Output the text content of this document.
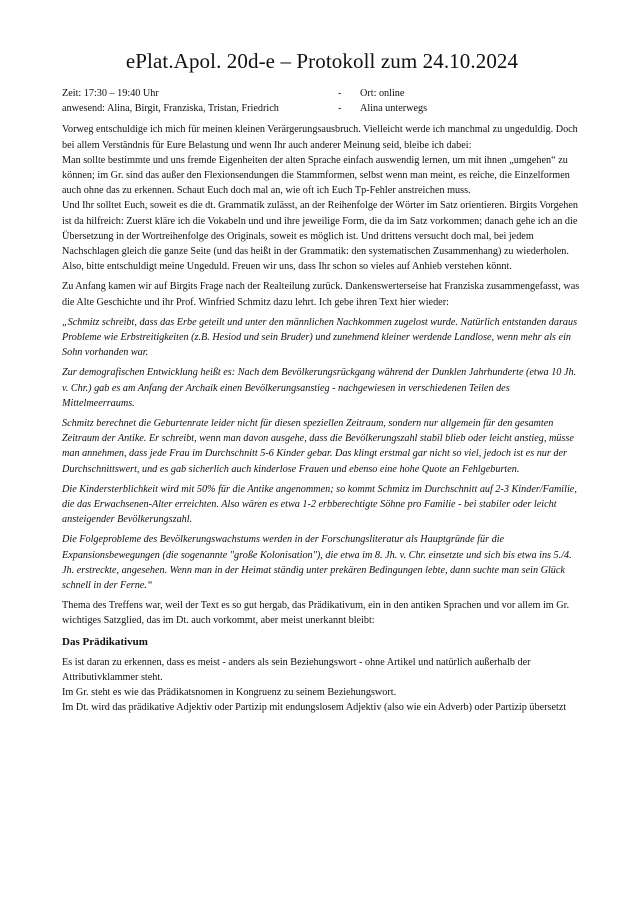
ePlat.Apol. 20d-e – Protokoll zum 24.10.2024
Zeit: 17:30 – 19:40 Uhr
anwesend: Alina, Birgit, Franziska, Tristan, Friedrich
-
-
Ort: online
Alina unterwegs

Vorweg entschuldige ich mich für meinen kleinen Verärgerungsausbruch. Vielleicht werde ich manchmal zu ungeduldig. Doch bei allem Verständnis für Eure Belastung und wenn Ihr auch anderer Meinung seid, bleibe ich dabei:

Man sollte bestimmte und uns fremde Eigenheiten der alten Sprache einfach auswendig lernen, um mit ihnen „umgehen“ zu können; im Gr. sind das außer den Flexionsendungen die Stammformen, selbst wenn man meint, es reiche, die Einzelformen auch ohne das zu erkennen. Schaut Euch doch mal an, wie oft ich Euch Tp-Fehler anstreichen muss.

Und Ihr solltet Euch, soweit es die dt. Grammatik zulässt, an der Reihenfolge der Wörter im Satz orientieren. Birgits Vorgehen ist da hilfreich: Zuerst kläre ich die Vokabeln und und ihre jeweilige Form, die da im Satz vorkommen; danach gehe ich an die Übersetzung in der Wortreihenfolge des Originals, soweit es möglich ist. Und drittens versucht doch mal, bei jedem Nachschlagen gleich die ganze Seite (und das heißt in der Grammatik: den systematischen Zusammenhang) zu wiederholen.

Also, bitte entschuldigt meine Ungeduld. Freuen wir uns, dass Ihr schon so vieles auf Anhieb verstehen könnt.

Zu Anfang kamen wir auf Birgits Frage nach der Realteilung zurück. Dankenswerterseise hat Franziska zusammengefasst, was die Alte Geschichte und ihr Prof. Winfried Schmitz dazu lehrt. Ich gebe ihren Text hier wieder:

„Schmitz schreibt, dass das Erbe geteilt und unter den männlichen Nachkommen zugelost wurde. Natürlich entstanden daraus Probleme wie Erbstreitigkeiten (z.B. Hesiod und sein Bruder) und zunehmend kleiner werdende Landlose, wenn mehr als ein Sohn vorhanden war.

Zur demografischen Entwicklung heißt es: Nach dem Bevölkerungsrückgang während der Dunklen Jahrhunderte (etwa 10 Jh. v. Chr.) gab es am Anfang der Archaik einen Bevölkerungsanstieg - nachgewiesen in verschiedenen Teilen des Mittelmeerraums.

Schmitz berechnet die Geburtenrate leider nicht für diesen speziellen Zeitraum, sondern nur allgemein für den gesamten Zeitraum der Antike. Er schreibt, wenn man davon ausgehe, dass die Bevölkerungszahl stabil blieb oder leicht anstieg, müsse man annehmen, dass jede Frau im Durchschnitt 5-6 Kinder gebar. Das klingt erstmal gar nicht so viel, jedoch ist es nur der Durchschnittswert, und es gab sicherlich auch kinderlose Frauen und ebenso eine hohe Quote an Fehlgeburten.

Die Kindersterblichkeit wird mit 50% für die Antike angenommen; so kommt Schmitz im Durchschnitt auf 2-3 Kinder/Familie, die das Erwachsenen-Alter erreichten. Also wären es etwa 1-2 erbberechtigte Söhne pro Familie - bei stabiler oder leicht ansteigender Bevölkerungszahl.

Die Folgeprobleme des Bevölkerungswachstums werden in der Forschungsliteratur als Hauptgründe für die Expansionsbewegungen (die sogenannte "große Kolonisation"), die etwa im 8. Jh. v. Chr. einsetzte und sich bis etwa ins 5./4. Jh. erstreckte, angesehen. Wenn man in der Heimat ständig unter prekären Bedingungen lebte, dann suchte man sein Glück schnell in der Ferne.“

Thema des Treffens war, weil der Text es so gut hergab, das Prädikativum, ein in den antiken Sprachen und vor allem im Gr. wichtiges Satzglied, das im Dt. auch vorkommt, aber meist unerkannt bleibt:

Das Prädikativum

Es ist daran zu erkennen, dass es meist - anders als sein Beziehungswort - ohne Artikel und natürlich außerhalb der Attributivklammer steht.

Im Gr. steht es wie das Prädikatsnomen in Kongruenz zu seinem Beziehungswort.

Im Dt. wird das prädikative Adjektiv oder Partizip mit endungslosem Adjektiv (also wie ein Adverb) oder Partizip übersetzt
